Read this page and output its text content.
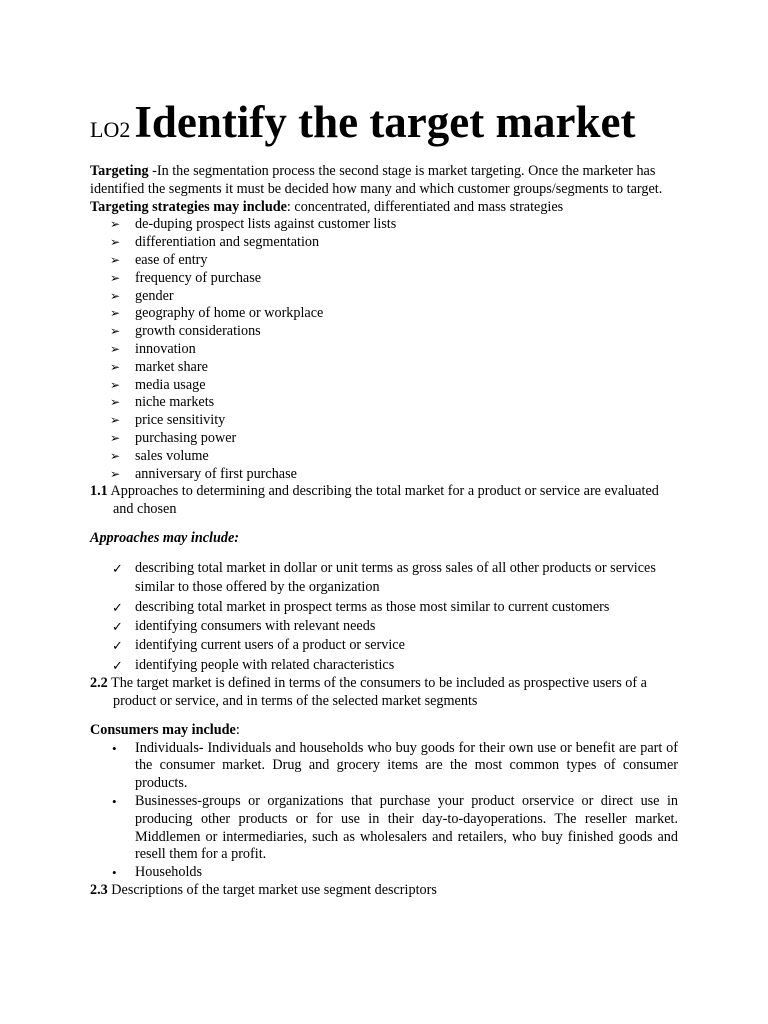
LO2Identify the target market

Targeting -In the segmentation process the second stage is market targeting. Once the marketer has identified the segments it must be decided how many and which customer groups/segments to target.

Targeting strategies may include: concentrated, differentiated and mass strategies

➢ de-duping prospect lists against customer lists
➢ differentiation and segmentation
➢ ease of entry
➢ frequency of purchase
➢ gender
➢ geography of home or workplace
➢ growth considerations
➢ innovation
➢ market share
➢ media usage
➢ niche markets
➢ price sensitivity
➢ purchasing power
➢ sales volume
➢ anniversary of first purchase

1.1 Approaches to determining and describing the total market for a product or service are evaluated and chosen

Approaches may include:

✓ describing total market in dollar or unit terms as gross sales of all other products or services similar to those offered by the organization
✓ describing total market in prospect terms as those most similar to current customers
✓ identifying consumers with relevant needs
✓ identifying current users of a product or service
✓ identifying people with related characteristics

2.2 The target market is defined in terms of the consumers to be included as prospective users of a product or service, and in terms of the selected market segments

Consumers may include:

• Individuals- Individuals and households who buy goods for their own use or benefit are part of the consumer market. Drug and grocery items are the most common types of consumer products.
• Businesses-groups or organizations that purchase your product orservice or direct use in producing other products or for use in their day-to-dayoperations. The reseller market. Middlemen or intermediaries, such as wholesalers and retailers, who buy finished goods and resell them for a profit.
• Households

2.3 Descriptions of the target market use segment descriptors
